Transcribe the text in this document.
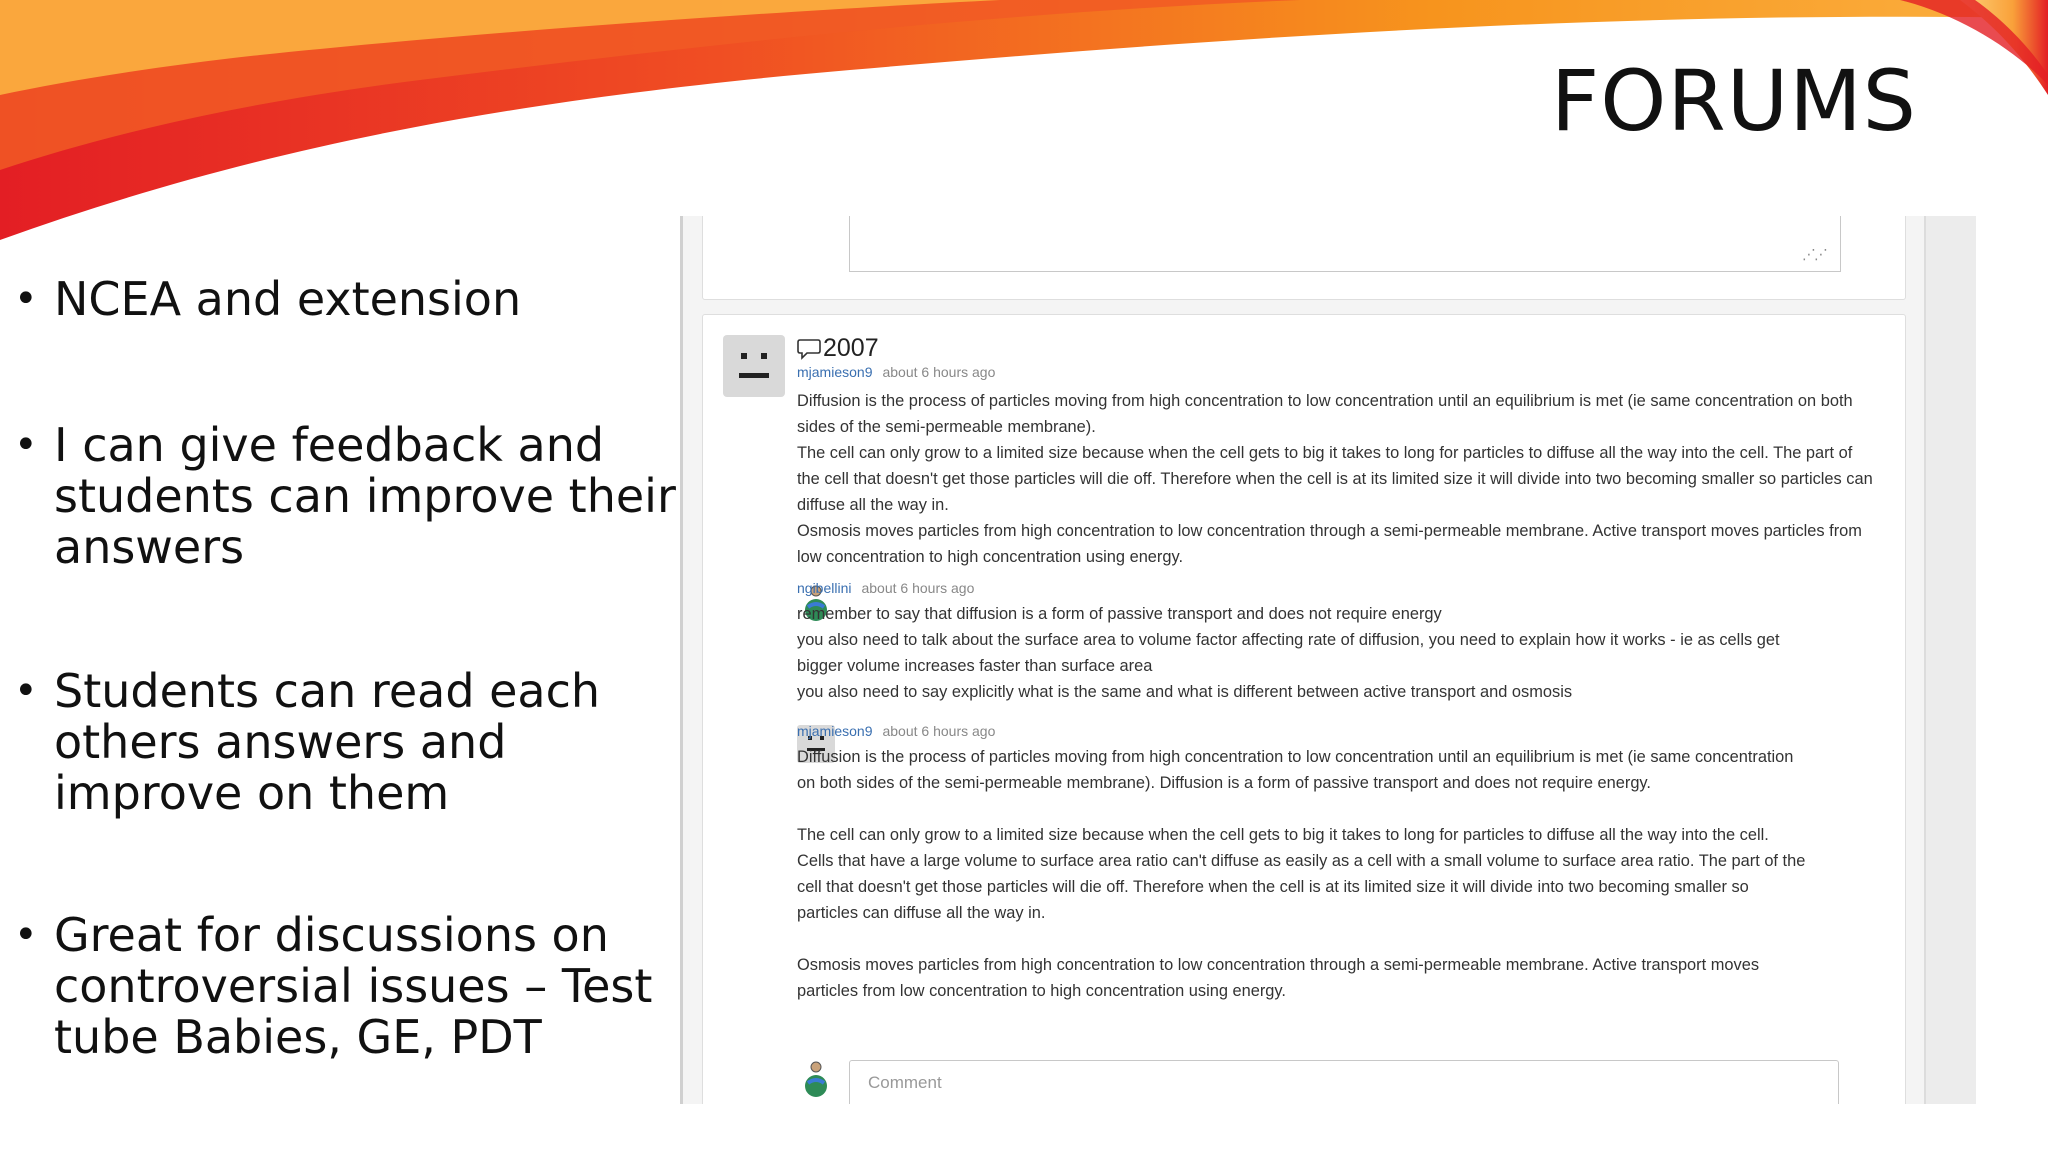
FORUMS
• NCEA and extension
• I can give feedback and students can improve their answers
• Students can read each others answers and improve on them
• Great for discussions on controversial issues – Test tube Babies, GE, PDT
⋰⋰
2007
mjamieson9 about 6 hours ago

Diffusion is the process of particles moving from high concentration to low concentration until an equilibrium is met (ie same concentration on both sides of the semi-permeable membrane).

The cell can only grow to a limited size because when the cell gets to big it takes to long for particles to diffuse all the way into the cell. The part of the cell that doesn't get those particles will die off. Therefore when the cell is at its limited size it will divide into two becoming smaller so particles can diffuse all the way in.

Osmosis moves particles from high concentration to low concentration through a semi-permeable membrane. Active transport moves particles from low concentration to high concentration using energy.

ngibellini about 6 hours ago

remember to say that diffusion is a form of passive transport and does not require energy

you also need to talk about the surface area to volume factor affecting rate of diffusion, you need to explain how it works - ie as cells get bigger volume increases faster than surface area

you also need to say explicitly what is the same and what is different between active transport and osmosis

mjamieson9 about 6 hours ago

Diffusion is the process of particles moving from high concentration to low concentration until an equilibrium is met (ie same concentration on both sides of the semi-permeable membrane). Diffusion is a form of passive transport and does not require energy.

The cell can only grow to a limited size because when the cell gets to big it takes to long for particles to diffuse all the way into the cell. Cells that have a large volume to surface area ratio can't diffuse as easily as a cell with a small volume to surface area ratio. The part of the cell that doesn't get those particles will die off. Therefore when the cell is at its limited size it will divide into two becoming smaller so particles can diffuse all the way in.

Osmosis moves particles from high concentration to low concentration through a semi-permeable membrane. Active transport moves particles from low concentration to high concentration using energy.

Comment
